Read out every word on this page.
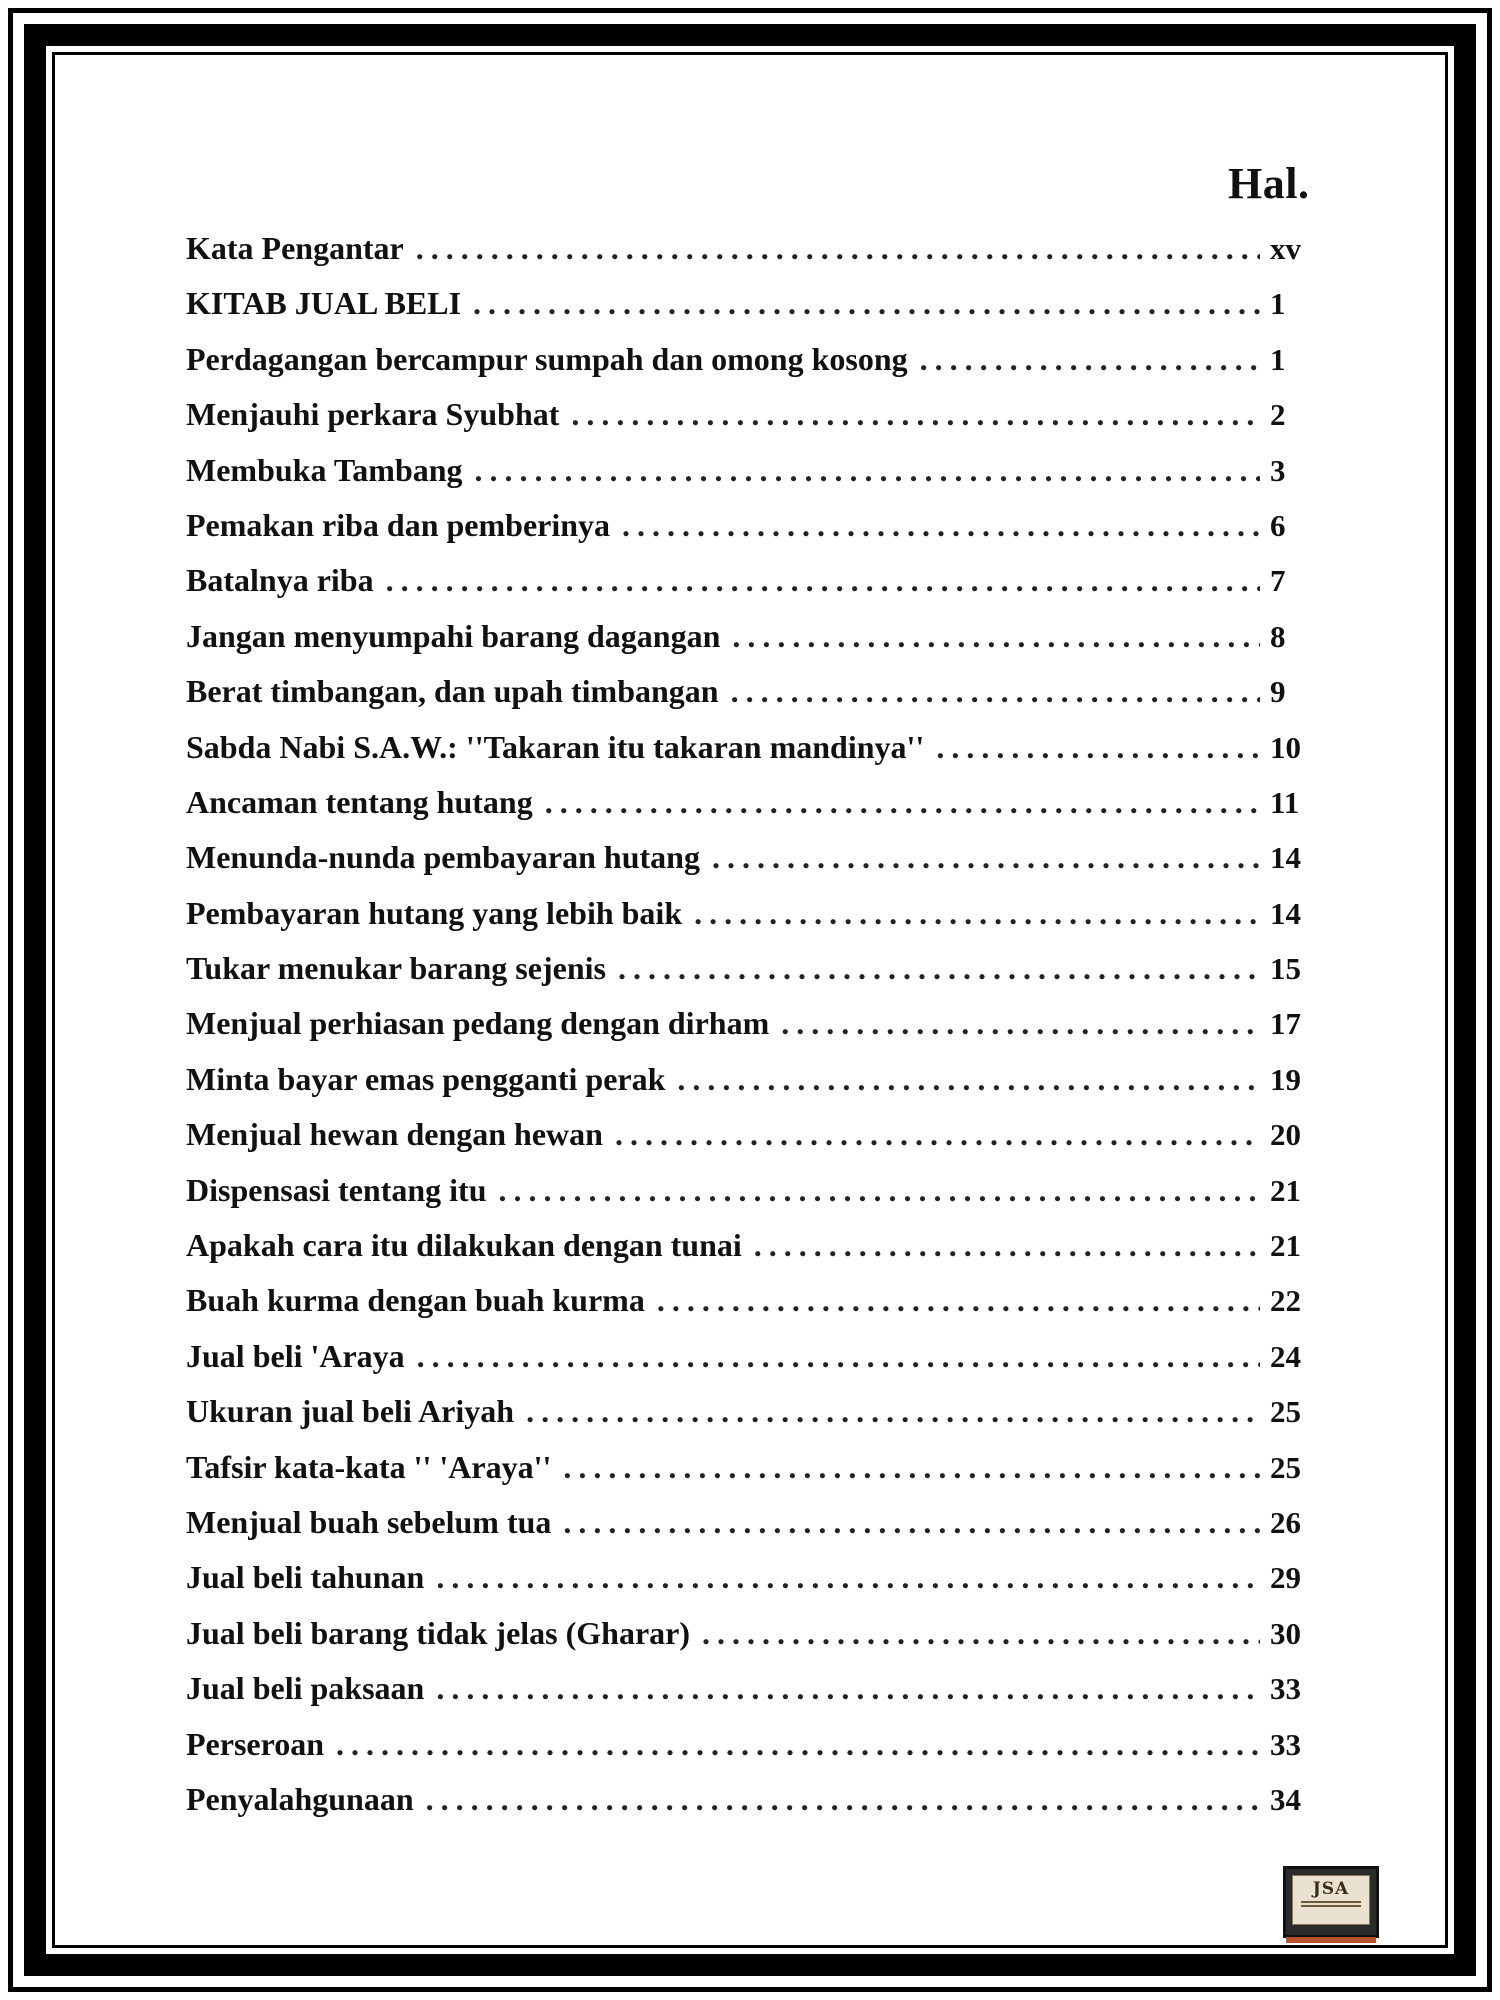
Hal.
Kata Pengantar .....	xv
KITAB JUAL BELI .....	1
Perdagangan bercampur sumpah dan omong kosong .....	1
Menjauhi perkara Syubhat .....	2
Membuka Tambang .....	3
Pemakan riba dan pemberinya .....	6
Batalnya riba .....	7
Jangan menyumpahi barang dagangan .....	8
Berat timbangan, dan upah timbangan .....	9
Sabda Nabi S.A.W.: ''Takaran itu takaran mandinya'' .....	10
Ancaman tentang hutang .....	11
Menunda-nunda pembayaran hutang .....	14
Pembayaran hutang yang lebih baik .....	14
Tukar menukar barang sejenis .....	15
Menjual perhiasan pedang dengan dirham .....	17
Minta bayar emas pengganti perak .....	19
Menjual hewan dengan hewan .....	20
Dispensasi tentang itu .....	21
Apakah cara itu dilakukan dengan tunai .....	21
Buah kurma dengan buah kurma .....	22
Jual beli 'Araya .....	24
Ukuran jual beli Ariyah .....	25
Tafsir kata-kata '' 'Araya'' .....	25
Menjual buah sebelum tua .....	26
Jual beli tahunan .....	29
Jual beli barang tidak jelas (Gharar) .....	30
Jual beli paksaan .....	33
Perseroan .....	33
Penyalahgunaan .....	34
JSA
